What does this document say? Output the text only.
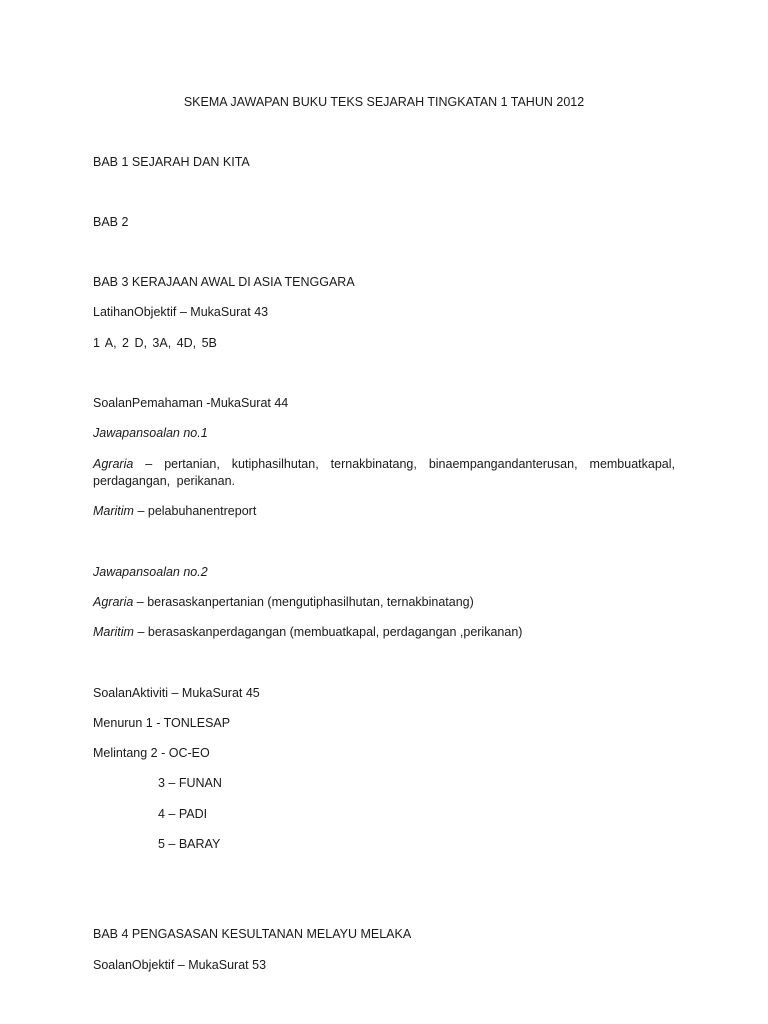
SKEMA JAWAPAN BUKU TEKS SEJARAH TINGKATAN 1 TAHUN 2012
BAB 1 SEJARAH DAN KITA
BAB 2
BAB 3 KERAJAAN AWAL DI ASIA TENGGARA
LatihanObjektif – MukaSurat 43
1 A, 2 D, 3A, 4D, 5B
SoalanPemahaman -MukaSurat 44
Jawapansoalan no.1
Agraria – pertanian, kutiphasilhutan, ternakbinatang, binaempangandanterusan, membuatkapal, perdagangan, perikanan.
Maritim – pelabuhanentreport
Jawapansoalan no.2
Agraria – berasaskanpertanian (mengutiphasilhutan, ternakbinatang)
Maritim – berasaskanperdagangan (membuatkapal, perdagangan ,perikanan)
SoalanAktiviti – MukaSurat 45
Menurun 1 - TONLESAP
Melintang 2 - OC-EO
3 – FUNAN
4 – PADI
5 – BARAY
BAB 4 PENGASASAN KESULTANAN MELAYU MELAKA
SoalanObjektif – MukaSurat 53
